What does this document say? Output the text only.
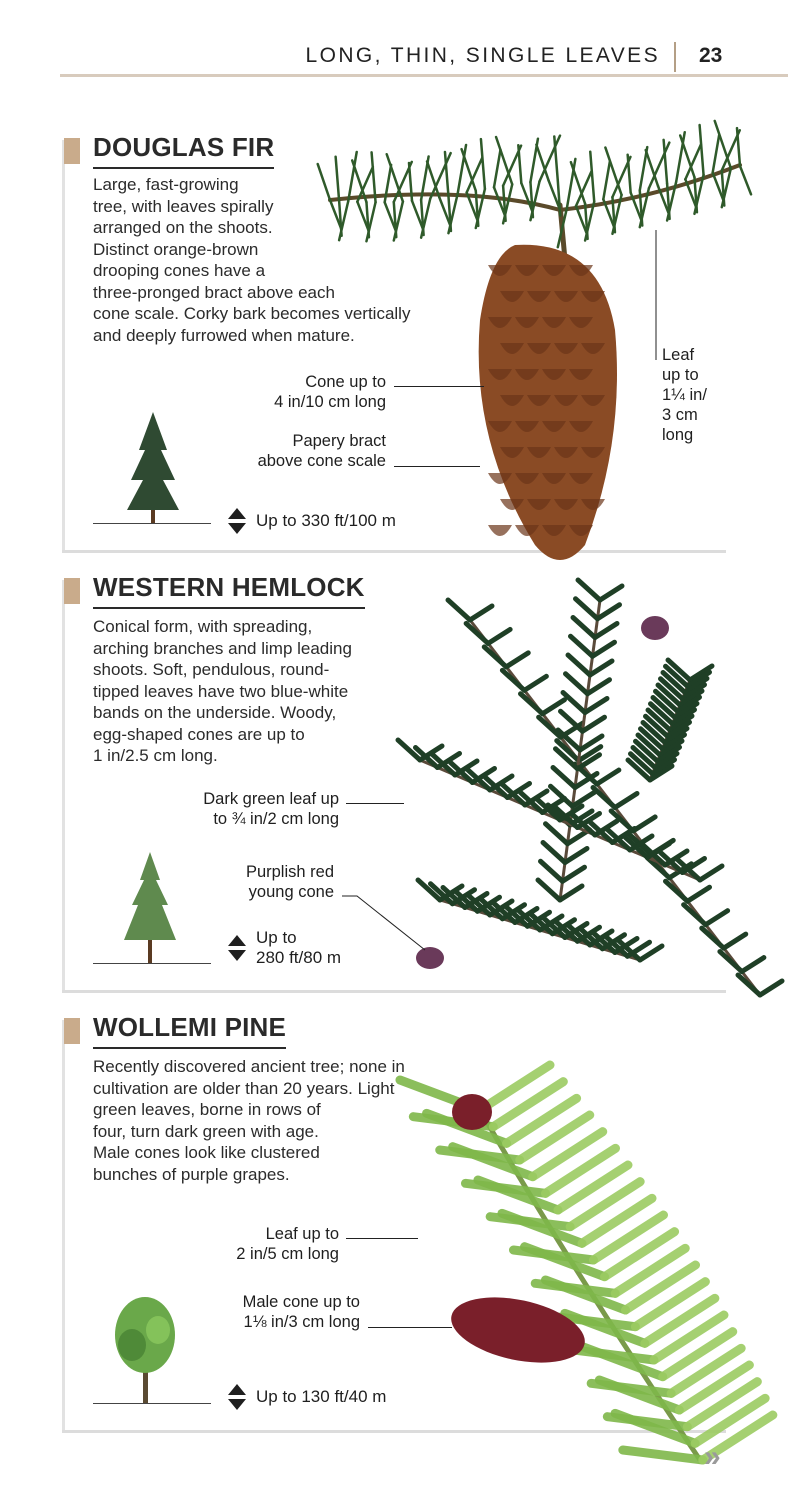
LONG, THIN, SINGLE LEAVES 23
DOUGLAS FIR

Large, fast-growing
tree, with leaves spirally
arranged on the shoots.
Distinct orange-brown
drooping cones have a
three-pronged bract above each
cone scale. Corky bark becomes vertically
and deeply furrowed when mature.

Cone up to
4 in/10 cm long
Papery bract
above cone scale
Leaf
up to
1¼ in/
3 cm
long
Up to 330 ft/100 m
WESTERN HEMLOCK

Conical form, with spreading,
arching branches and limp leading
shoots. Soft, pendulous, round-
tipped leaves have two blue-white
bands on the underside. Woody,
egg-shaped cones are up to
1 in/2.5 cm long.

Dark green leaf up
to ¾ in/2 cm long
Purplish red
young cone
Up to
280 ft/80 m
WOLLEMI PINE

Recently discovered ancient tree; none in
cultivation are older than 20 years. Light
green leaves, borne in rows of
four, turn dark green with age.
Male cones look like clustered
bunches of purple grapes.

Leaf up to
2 in/5 cm long
Male cone up to
1⅛ in/3 cm long
Up to 130 ft/40 m
»
